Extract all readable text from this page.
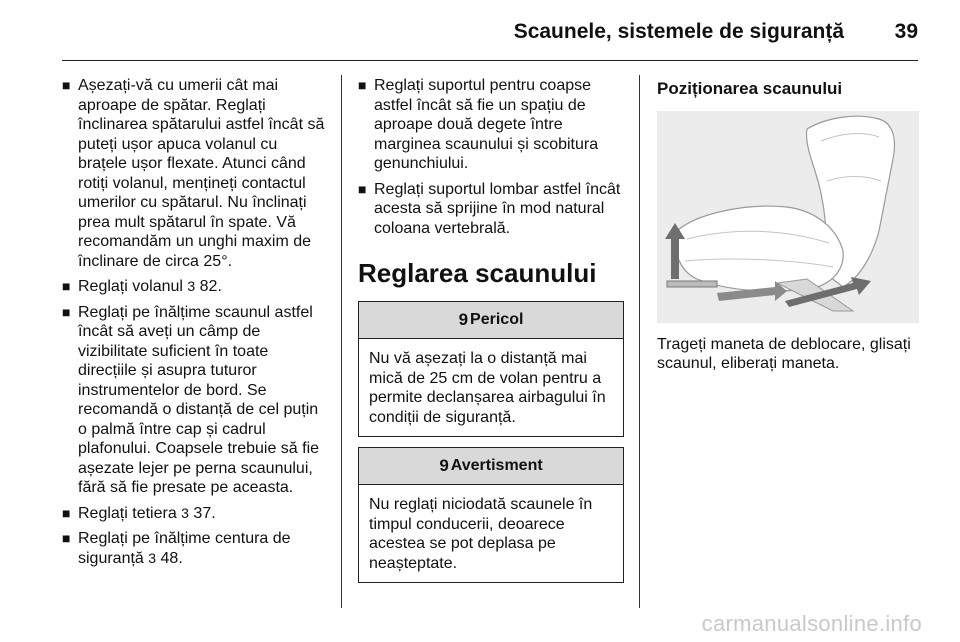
Scaunele, sistemele de siguranță 39
■ Așezați-vă cu umerii cât mai aproape de spătar. Reglați înclinarea spătarului astfel încât să puteți ușor apuca volanul cu brațele ușor flexate. Atunci când rotiți volanul, mențineți contactul umerilor cu spătarul. Nu înclinați prea mult spătarul în spate. Vă recomandăm un unghi maxim de înclinare de circa 25°.
■ Reglați volanul 3 82.
■ Reglați pe înălțime scaunul astfel încât să aveți un câmp de vizibilitate suficient în toate direcțiile și asupra tuturor instrumentelor de bord. Se recomandă o distanță de cel puțin o palmă între cap și cadrul plafonului. Coapsele trebuie să fie așezate lejer pe perna scaunului, fără să fie presate pe aceasta.
■ Reglați tetiera 3 37.
■ Reglați pe înălțime centura de siguranță 3 48.
■ Reglați suportul pentru coapse astfel încât să fie un spațiu de aproape două degete între marginea scaunului și scobitura genunchiului.
■ Reglați suportul lombar astfel încât acesta să sprijine în mod natural coloana vertebrală.
Reglarea scaunului
9 Pericol
Nu vă așezați la o distanță mai mică de 25 cm de volan pentru a permite declanșarea airbagului în condiții de siguranță.
9 Avertisment
Nu reglați niciodată scaunele în timpul conducerii, deoarece acestea se pot deplasa pe neașteptate.
Poziționarea scaunului
Trageți maneta de deblocare, glisați scaunul, eliberați maneta.
carmanualsonline.info
